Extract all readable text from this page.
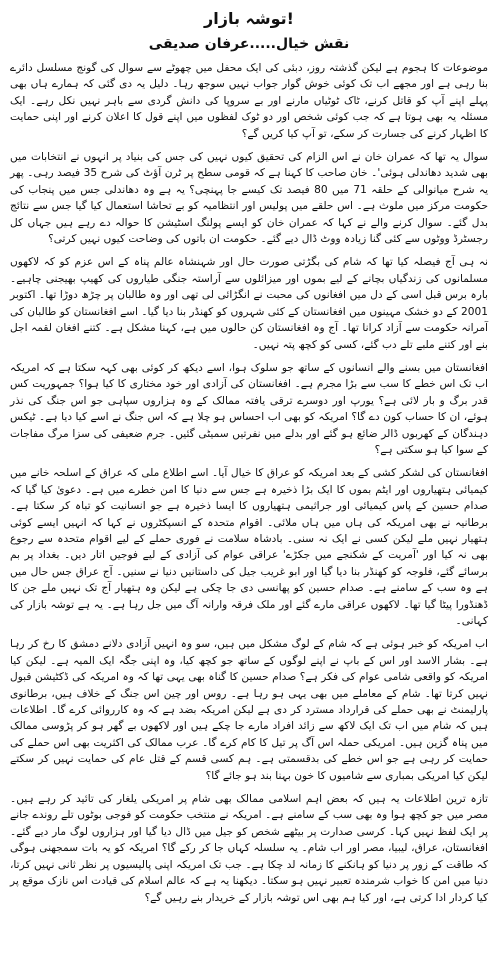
توشہ بازار!
نقش خیال.....عرفان صدیقی

موضوعات کا ہجوم ہے لیکن گذشتہ روز، دبئی کی ایک محفل میں چھوٹے سے سوال کی گونج مسلسل دائرے بنا رہی ہے اور مجھے اب تک کوئی خوش گوار جواب نہیں سوجھ رہا۔ دلیل یہ دی گئی کہ ہمارے ہاں بھی پہلے اپنے آپ کو قاتل کرنے، ٹاک ٹوٹیاں مارنے اور بے سروپا کی دانش گردی سے باہر نہیں نکل رہے۔ ایک مسئلہ یہ بھی ہوتا ہے کہ جب کوئی شخص اور دو ٹوک لفظوں میں اپنے قول کا اعلان کرنے اور اپنی حمایت کا اظہار کرنے کی جسارت کر سکے، تو آپ کیا کریں گے؟

سوال یہ تھا کہ عمران خان نے اس الزام کی تحقیق کیوں نہیں کی جس کی بنیاد پر انہوں نے انتخابات میں بھی شدید دھاندلی ہوئی'۔ خان صاحب کا کہنا ہے کہ قومی سطح پر ٹرن آؤٹ کی شرح 35 فیصد رہی۔ پھر یہ شرح میانوالی کے حلقہ 71 میں 80 فیصد تک کیسے جا پہنچی؟ یہ ہے وہ دھاندلی جس میں پنجاب کی حکومت مرکز میں ملوث ہے۔ اس حلقے میں پولیس اور انتظامیہ کو بے تحاشا استعمال کیا گیا جس سے نتائج بدل گئے۔ سوال کرنے والے نے کہا کہ عمران خان کو ایسے پولنگ اسٹیشن کا حوالہ دے رہے ہیں جہاں کل رجسٹرڈ ووٹوں سے کئی گنا زیادہ ووٹ ڈال دیے گئے۔ حکومت ان باتوں کی وضاحت کیوں نہیں کرتی؟

نہ ہی آج فیصلہ کیا تھا کہ شام کی بگڑتی صورت حال اور شہنشاہ عالم پناہ کے اس عزم کو کہ لاکھوں مسلمانوں کی زندگیاں بچانے کے لیے بموں اور میزائلوں سے آراستہ جنگی طیاروں کی کھیپ بھیجنی چاہیے۔ بارہ برس قبل اسی کے دل میں افغانوں کی محبت نے انگڑائی لی تھی اور وہ طالبان پر چڑھ دوڑا تھا۔ اکتوبر 2001 کے دو خشک مہینوں میں افغانستان کے کئی شہروں کو کھنڈر بنا دیا گیا۔ اسے افغانستان کو طالبان کی آمرانہ حکومت سے آزاد کرانا تھا۔ آج وہ افغانستان کن حالوں میں ہے، کہنا مشکل ہے۔ کتنے افغان لقمہ اجل بنے اور کتنے ملبے تلے دب گئے، کسی کو کچھ پتہ نہیں۔

افغانستان میں بسنے والے انسانوں کے ساتھ جو سلوک ہوا، اسے دیکھ کر کوئی بھی کہہ سکتا ہے کہ امریکہ اب تک اس خطے کا سب سے بڑا مجرم ہے۔ افغانستان کی آزادی اور خود مختاری کا کیا ہوا؟ جمہوریت کس قدر برگ و بار لائی ہے؟ یورپ اور دوسرے ترقی یافتہ ممالک کے وہ ہزاروں سپاہی جو اس جنگ کی نذر ہوئے، ان کا حساب کون دے گا؟ امریکہ کو بھی اب احساس ہو چلا ہے کہ اس جنگ نے اسے کیا دیا ہے۔ ٹیکس دہندگان کے کھربوں ڈالر ضائع ہو گئے اور بدلے میں نفرتیں سمیٹی گئیں۔ جرم ضعیفی کی سزا مرگ مفاجات کے سوا کیا ہو سکتی ہے؟

افغانستان کی لشکر کشی کے بعد امریکہ کو عراق کا خیال آیا۔ اسے اطلاع ملی کہ عراق کے اسلحہ خانے میں کیمیائی ہتھیاروں اور ایٹم بموں کا ایک بڑا ذخیرہ ہے جس سے دنیا کا امن خطرے میں ہے۔ دعویٰ کیا گیا کہ صدام حسین کے پاس کیمیائی اور جراثیمی ہتھیاروں کا ایسا ذخیرہ ہے جو انسانیت کو تباہ کر سکتا ہے۔ برطانیہ نے بھی امریکہ کی ہاں میں ہاں ملائی۔ اقوام متحدہ کے انسپکٹروں نے کہا کہ انہیں ایسے کوئی ہتھیار نہیں ملے لیکن کسی نے ایک نہ سنی۔ بادشاہ سلامت نے فوری حملے کے لیے اقوام متحدہ سے رجوع بھی نہ کیا اور 'آمریت کے شکنجے میں جکڑے' عراقی عوام کی آزادی کے لیے فوجیں اتار دیں۔ بغداد پر بم برسائے گئے، فلوجہ کو کھنڈر بنا دیا گیا اور ابو غریب جیل کی داستانیں دنیا نے سنیں۔ آج عراق جس حال میں ہے وہ سب کے سامنے ہے۔ صدام حسین کو پھانسی دی جا چکی ہے لیکن وہ ہتھیار آج تک نہیں ملے جن کا ڈھنڈورا پیٹا گیا تھا۔ لاکھوں عراقی مارے گئے اور ملک فرقہ وارانہ آگ میں جل رہا ہے۔ یہ ہے توشہ بازار کی کہانی۔

اب امریکہ کو خبر ہوئی ہے کہ شام کے لوگ مشکل میں ہیں، سو وہ انہیں آزادی دلانے دمشق کا رخ کر رہا ہے۔ بشار الاسد اور اس کے باپ نے اپنے لوگوں کے ساتھ جو کچھ کیا، وہ اپنی جگہ ایک المیہ ہے۔ لیکن کیا امریکہ کو واقعی شامی عوام کی فکر ہے؟ صدام حسین کا گناہ بھی یہی تھا کہ وہ امریکہ کی ڈکٹیشن قبول نہیں کرتا تھا۔ شام کے معاملے میں بھی یہی ہو رہا ہے۔ روس اور چین اس جنگ کے خلاف ہیں، برطانوی پارلیمنٹ نے بھی حملے کی قرارداد مسترد کر دی ہے لیکن امریکہ بضد ہے کہ وہ کارروائی کرے گا۔ اطلاعات ہیں کہ شام میں اب تک ایک لاکھ سے زائد افراد مارے جا چکے ہیں اور لاکھوں بے گھر ہو کر پڑوسی ممالک میں پناہ گزین ہیں۔ امریکی حملہ اس آگ پر تیل کا کام کرے گا۔ عرب ممالک کی اکثریت بھی اس حملے کی حمایت کر رہی ہے جو اس خطے کی بدقسمتی ہے۔ ہم کسی قسم کے قتل عام کی حمایت نہیں کر سکتے لیکن کیا امریکی بمباری سے شامیوں کا خون بہنا بند ہو جائے گا؟

تازہ ترین اطلاعات یہ ہیں کہ بعض اہم اسلامی ممالک بھی شام پر امریکی یلغار کی تائید کر رہے ہیں۔ مصر میں جو کچھ ہوا وہ بھی سب کے سامنے ہے۔ امریکہ نے منتخب حکومت کو فوجی بوٹوں تلے روندے جانے پر ایک لفظ نہیں کہا۔ کرسی صدارت پر بیٹھے شخص کو جیل میں ڈال دیا گیا اور ہزاروں لوگ مار دیے گئے۔ افغانستان، عراق، لیبیا، مصر اور اب شام۔ یہ سلسلہ کہاں جا کر رکے گا؟ امریکہ کو یہ بات سمجھنی ہوگی کہ طاقت کے زور پر دنیا کو ہانکنے کا زمانہ لد چکا ہے۔ جب تک امریکہ اپنی پالیسیوں پر نظر ثانی نہیں کرتا، دنیا میں امن کا خواب شرمندہ تعبیر نہیں ہو سکتا۔ دیکھنا یہ ہے کہ عالم اسلام کی قیادت اس نازک موقع پر کیا کردار ادا کرتی ہے، اور کیا ہم بھی اس توشہ بازار کے خریدار بنے رہیں گے؟
